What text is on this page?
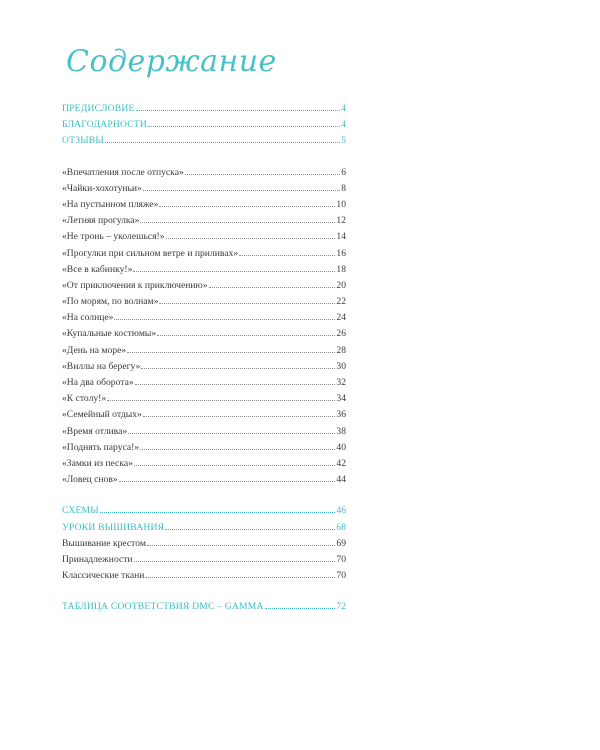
Содержание
ПРЕДИСЛОВИЕ	4
БЛАГОДАРНОСТИ	4
ОТЗЫВЫ	5
«Впечатления после отпуска»	6
«Чайки-хохотуньи»	8
«На пустынном пляже»	10
«Летняя прогулка»	12
«Не тронь – уколешься!»	14
«Прогулки при сильном ветре и приливах»	16
«Все в кабинку!»	18
«От приключения к приключению»	20
«По морям, по волнам»	22
«На солнце»	24
«Купальные костюмы»	26
«День на море»	28
«Виллы на берегу»	30
«На два оборота»	32
«К столу!»	34
«Семейный отдых»	36
«Время отлива»	38
«Поднять паруса!»	40
«Замки из песка»	42
«Ловец снов»	44
СХЕМЫ	46
УРОКИ ВЫШИВАНИЯ	68
Вышивание крестом	69
Принадлежности	70
Классические ткани	70
ТАБЛИЦА СООТВЕТСТВИЯ DMC – GAMMA	72
